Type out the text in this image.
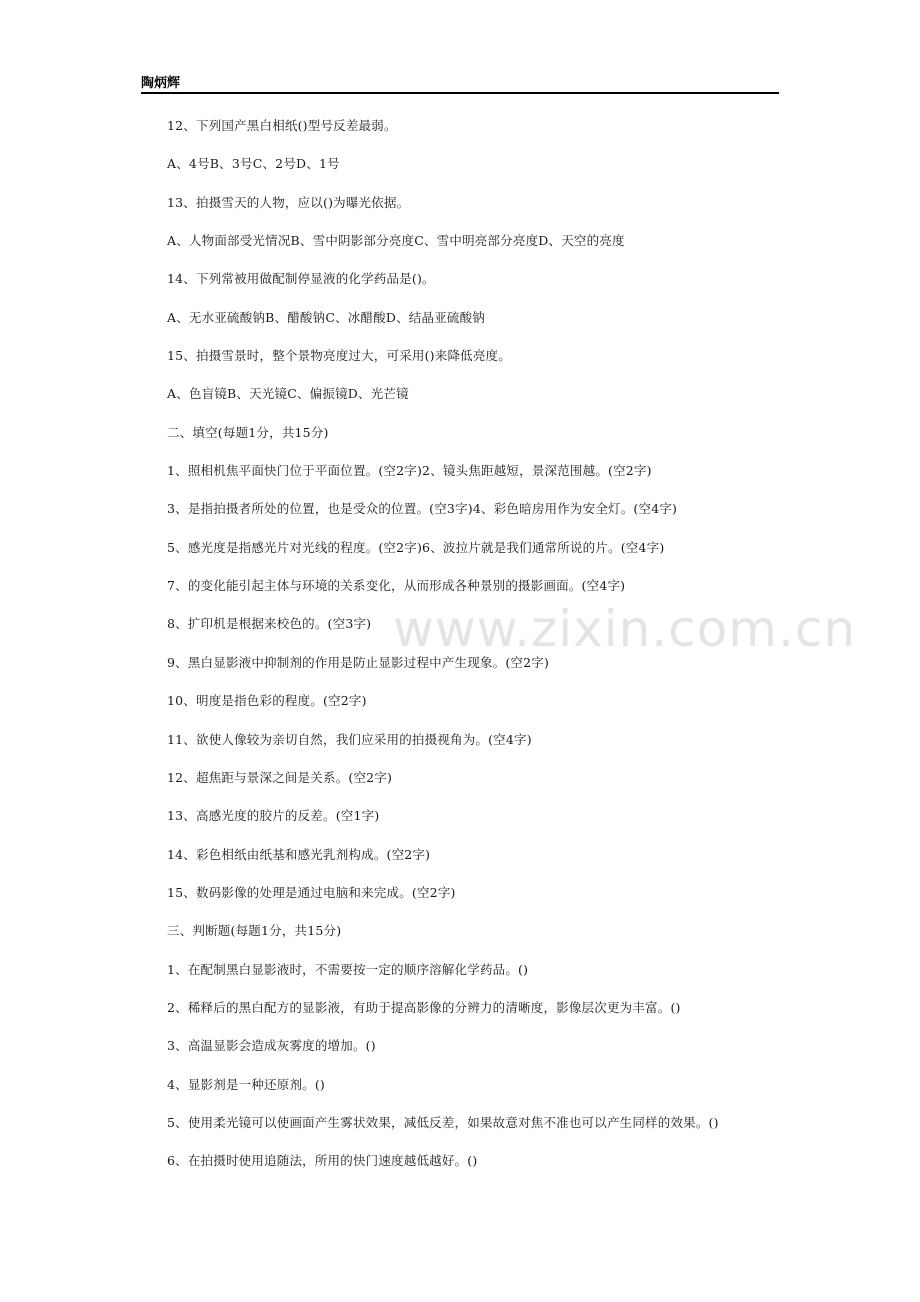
陶炳辉
12、下列国产黑白相纸()型号反差最弱。
A、4号B、3号C、2号D、1号
13、拍摄雪天的人物，应以()为曝光依据。
A、人物面部受光情况B、雪中阴影部分亮度C、雪中明亮部分亮度D、天空的亮度
14、下列常被用做配制停显液的化学药品是()。
A、无水亚硫酸钠B、醋酸钠C、冰醋酸D、结晶亚硫酸钠
15、拍摄雪景时，整个景物亮度过大，可采用()来降低亮度。
A、色盲镜B、天光镜C、偏振镜D、光芒镜
二、填空(每题1分，共15分)
1、照相机焦平面快门位于平面位置。(空2字)2、镜头焦距越短，景深范围越。(空2字)
3、是指拍摄者所处的位置，也是受众的位置。(空3字)4、彩色暗房用作为安全灯。(空4字)
5、感光度是指感光片对光线的程度。(空2字)6、波拉片就是我们通常所说的片。(空4字)
7、的变化能引起主体与环境的关系变化，从而形成各种景别的摄影画面。(空4字)
8、扩印机是根据来校色的。(空3字)
9、黑白显影液中抑制剂的作用是防止显影过程中产生现象。(空2字)
10、明度是指色彩的程度。(空2字)
11、欲使人像较为亲切自然，我们应采用的拍摄视角为。(空4字)
12、超焦距与景深之间是关系。(空2字)
13、高感光度的胶片的反差。(空1字)
14、彩色相纸由纸基和感光乳剂构成。(空2字)
15、数码影像的处理是通过电脑和来完成。(空2字)
三、判断题(每题1分，共15分)
1、在配制黑白显影液时，不需要按一定的顺序溶解化学药品。()
2、稀释后的黑白配方的显影液，有助于提高影像的分辨力的清晰度，影像层次更为丰富。()
3、高温显影会造成灰雾度的增加。()
4、显影剂是一种还原剂。()
5、使用柔光镜可以使画面产生雾状效果，减低反差，如果故意对焦不准也可以产生同样的效果。()
6、在拍摄时使用追随法，所用的快门速度越低越好。()
www.zixin.com.cn
